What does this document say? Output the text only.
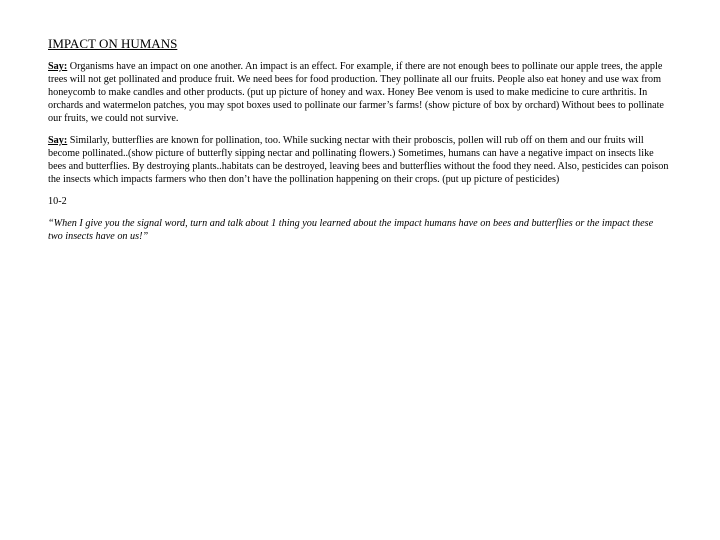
IMPACT ON HUMANS

Say: Organisms have an impact on one another. An impact is an effect. For example, if there are not enough bees to pollinate our apple trees, the apple trees will not get pollinated and produce fruit. We need bees for food production. They pollinate all our fruits. People also eat honey and use wax from honeycomb to make candles and other products. (put up picture of honey and wax. Honey Bee venom is used to make medicine to cure arthritis. In orchards and watermelon patches, you may spot boxes used to pollinate our farmer’s farms! (show picture of box by orchard) Without bees to pollinate our fruits, we could not survive.

Say: Similarly, butterflies are known for pollination, too. While sucking nectar with their proboscis, pollen will rub off on them and our fruits will become pollinated..(show picture of butterfly sipping nectar and pollinating flowers.) Sometimes, humans can have a negative impact on insects like bees and butterflies. By destroying plants..habitats can be destroyed, leaving bees and butterflies without the food they need. Also, pesticides can poison the insects which impacts farmers who then don’t have the pollination happening on their crops. (put up picture of pesticides)

10-2

“When I give you the signal word, turn and talk about 1 thing you learned about the impact humans have on bees and butterflies or the impact these two insects have on us!”
